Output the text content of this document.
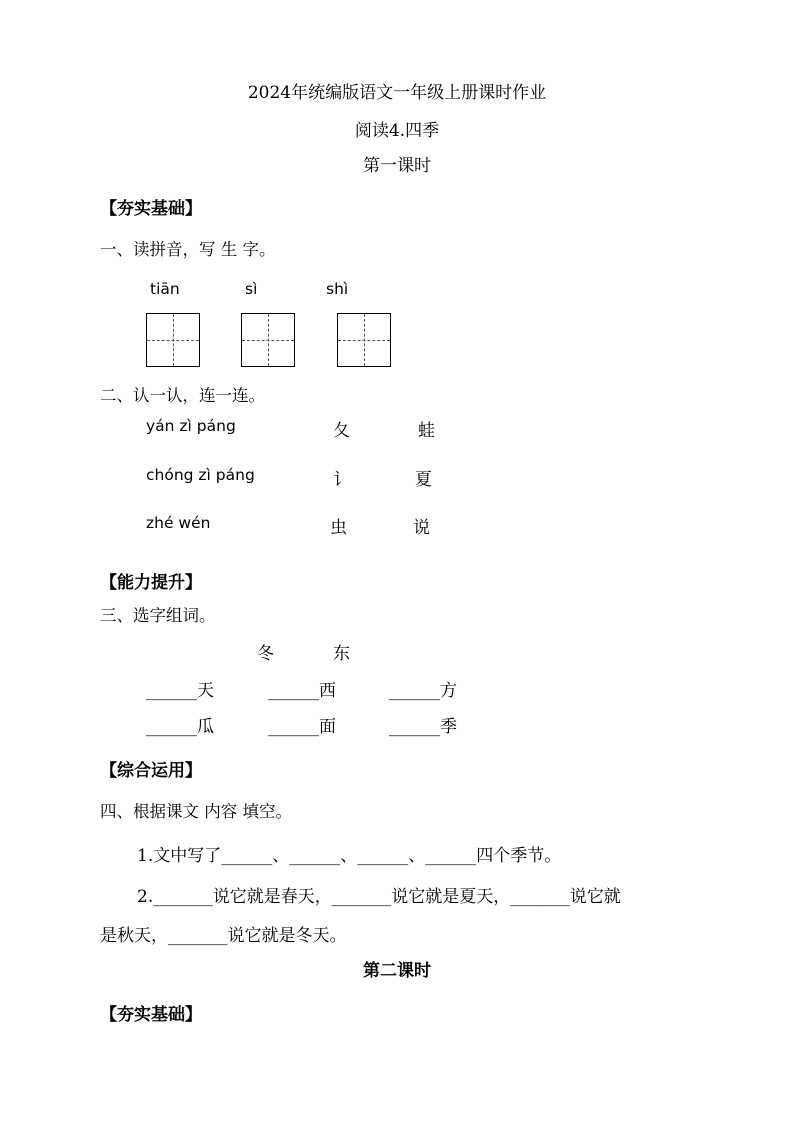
2024年统编版语文一年级上册课时作业
阅读4.四季
第一课时
【夯实基础】
一、读拼音，写 生 字。
tiān	sì	shì
二、认一认，连一连。
yán zì páng	夂	蛙
chóng zì páng	讠	夏
zhé wén	虫	说
【能力提升】
三、选字组词。
冬	东
______天	______西	______方
______瓜	______面	______季
【综合运用】
四、根据课文 内容 填空。
1.文中写了______、______、______、______四个季节。
2._______说它就是春天，_______说它就是夏天，_______说它就
是秋天，_______说它就是冬天。
第二课时
【夯实基础】
